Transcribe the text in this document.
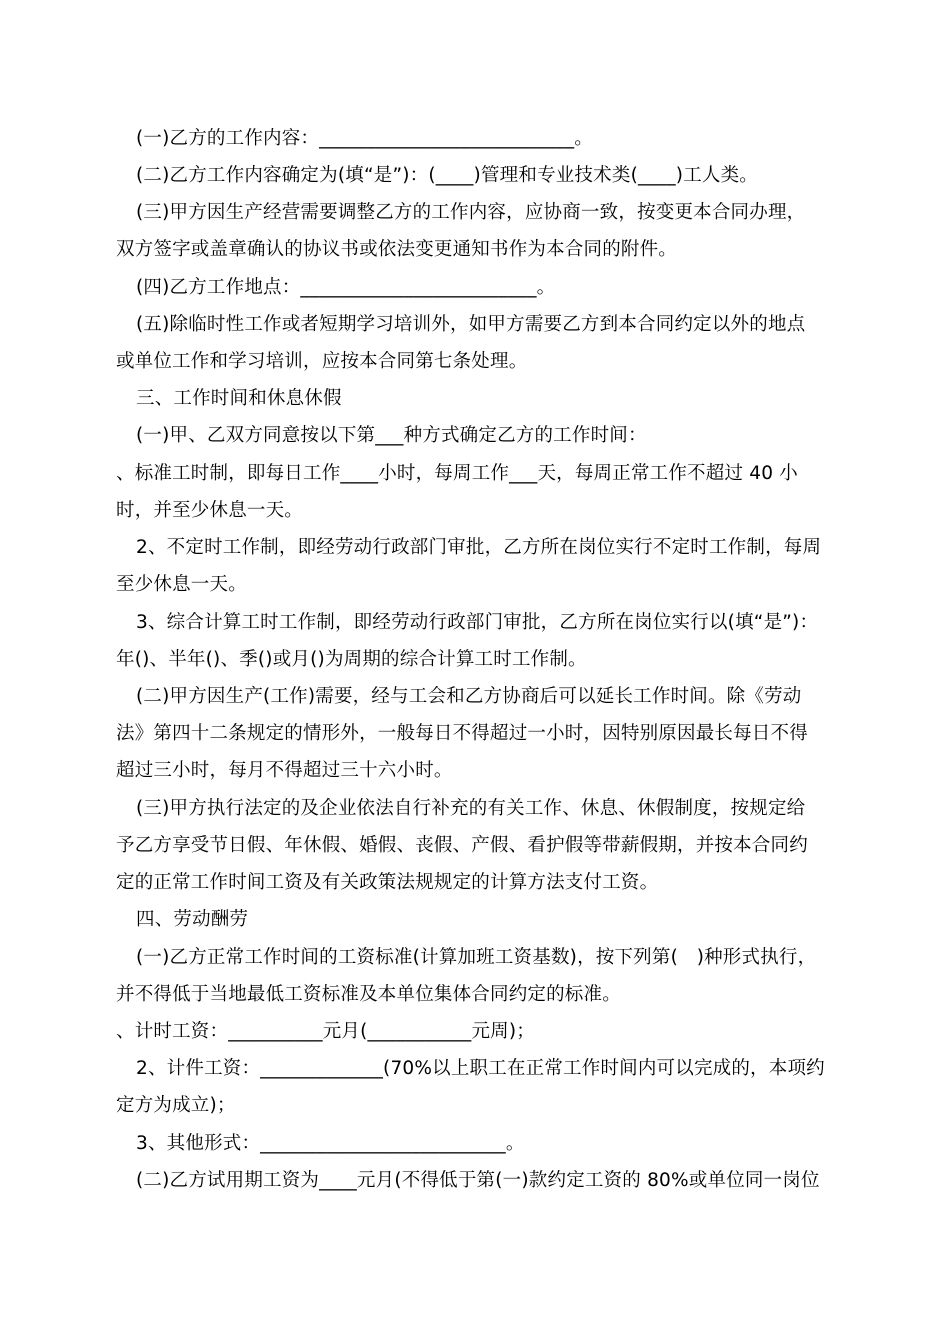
(一)乙方的工作内容：___________________________。
(二)乙方工作内容确定为(填“是”)：(____)管理和专业技术类(____)工人类。
(三)甲方因生产经营需要调整乙方的工作内容，应协商一致，按变更本合同办理，
双方签字或盖章确认的协议书或依法变更通知书作为本合同的附件。
(四)乙方工作地点：_________________________。
(五)除临时性工作或者短期学习培训外，如甲方需要乙方到本合同约定以外的地点
或单位工作和学习培训，应按本合同第七条处理。
三、工作时间和休息休假
(一)甲、乙双方同意按以下第___种方式确定乙方的工作时间：
、标准工时制，即每日工作____小时，每周工作___天，每周正常工作不超过 40 小
时，并至少休息一天。
2、不定时工作制，即经劳动行政部门审批，乙方所在岗位实行不定时工作制，每周
至少休息一天。
3、综合计算工时工作制，即经劳动行政部门审批，乙方所在岗位实行以(填“是”)：
年()、半年()、季()或月()为周期的综合计算工时工作制。
(二)甲方因生产(工作)需要，经与工会和乙方协商后可以延长工作时间。除《劳动
法》第四十二条规定的情形外，一般每日不得超过一小时，因特别原因最长每日不得
超过三小时，每月不得超过三十六小时。
(三)甲方执行法定的及企业依法自行补充的有关工作、休息、休假制度，按规定给
予乙方享受节日假、年休假、婚假、丧假、产假、看护假等带薪假期，并按本合同约
定的正常工作时间工资及有关政策法规规定的计算方法支付工资。
四、劳动酬劳
(一)乙方正常工作时间的工资标准(计算加班工资基数)，按下列第(　)种形式执行，
并不得低于当地最低工资标准及本单位集体合同约定的标准。
、计时工资：__________元月(___________元周)；
2、计件工资：_____________(70%以上职工在正常工作时间内可以完成的，本项约
定方为成立)；
3、其他形式：__________________________。
(二)乙方试用期工资为____元月(不得低于第(一)款约定工资的 80%或单位同一岗位
